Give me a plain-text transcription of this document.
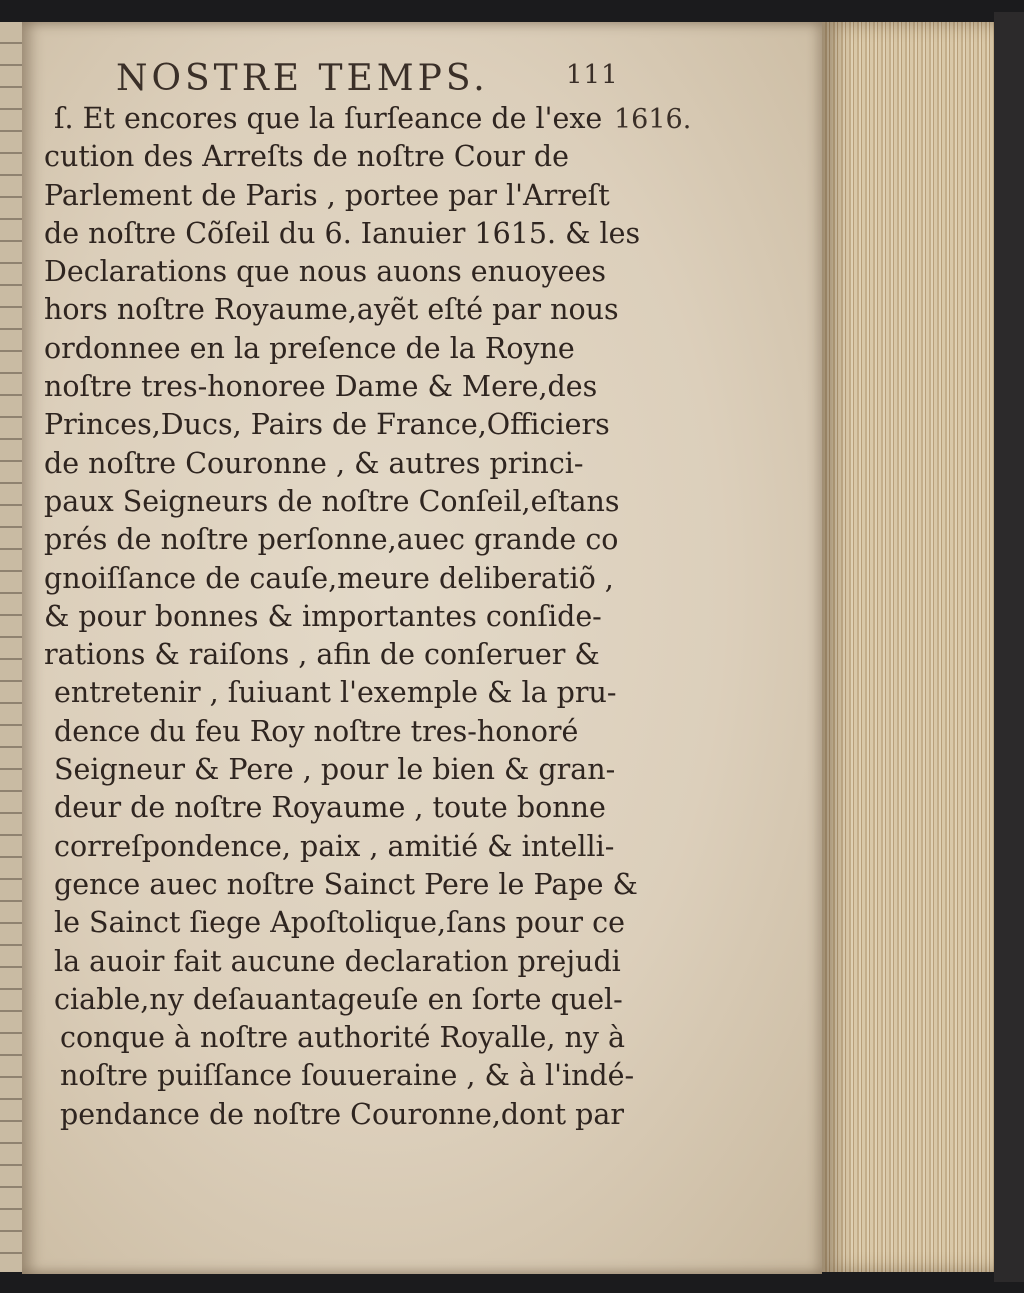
NOSTRE TEMPS.	111
1616.
ſ. Et encores que la ſurſeance de l'exe
cution des Arreſts de noſtre Cour de
Parlement de Paris , portee par l'Arreſt
de noſtre Cõſeil du 6. Ianuier 1615. & les
Declarations que nous auons enuoyees
hors noſtre Royaume,ayẽt eſté par nous
ordonnee en la preſence de la Royne
noſtre tres-honoree Dame & Mere,des
Princes,Ducs, Pairs de France,Officiers
de noſtre Couronne , & autres princi-
paux Seigneurs de noſtre Conſeil,eſtans
prés de noſtre perſonne,auec grande co
gnoiſſance de cauſe,meure deliberatiõ ,
& pour bonnes & importantes conſide-
rations & raiſons , afin de conſeruer &
entretenir , ſuiuant l'exemple & la pru-
dence du feu Roy noſtre tres-honoré
Seigneur & Pere , pour le bien & gran-
deur de noſtre Royaume , toute bonne
correſpondence, paix , amitié & intelli-
gence auec noſtre Sainct Pere le Pape &
le Sainct ſiege Apoſtolique,ſans pour ce
la auoir fait aucune declaration prejudi
ciable,ny deſauantageuſe en ſorte quel-
conque à noſtre authorité Royalle, ny à
noſtre puiſſance ſouueraine , & à l'indé-
pendance de noſtre Couronne,dont par
